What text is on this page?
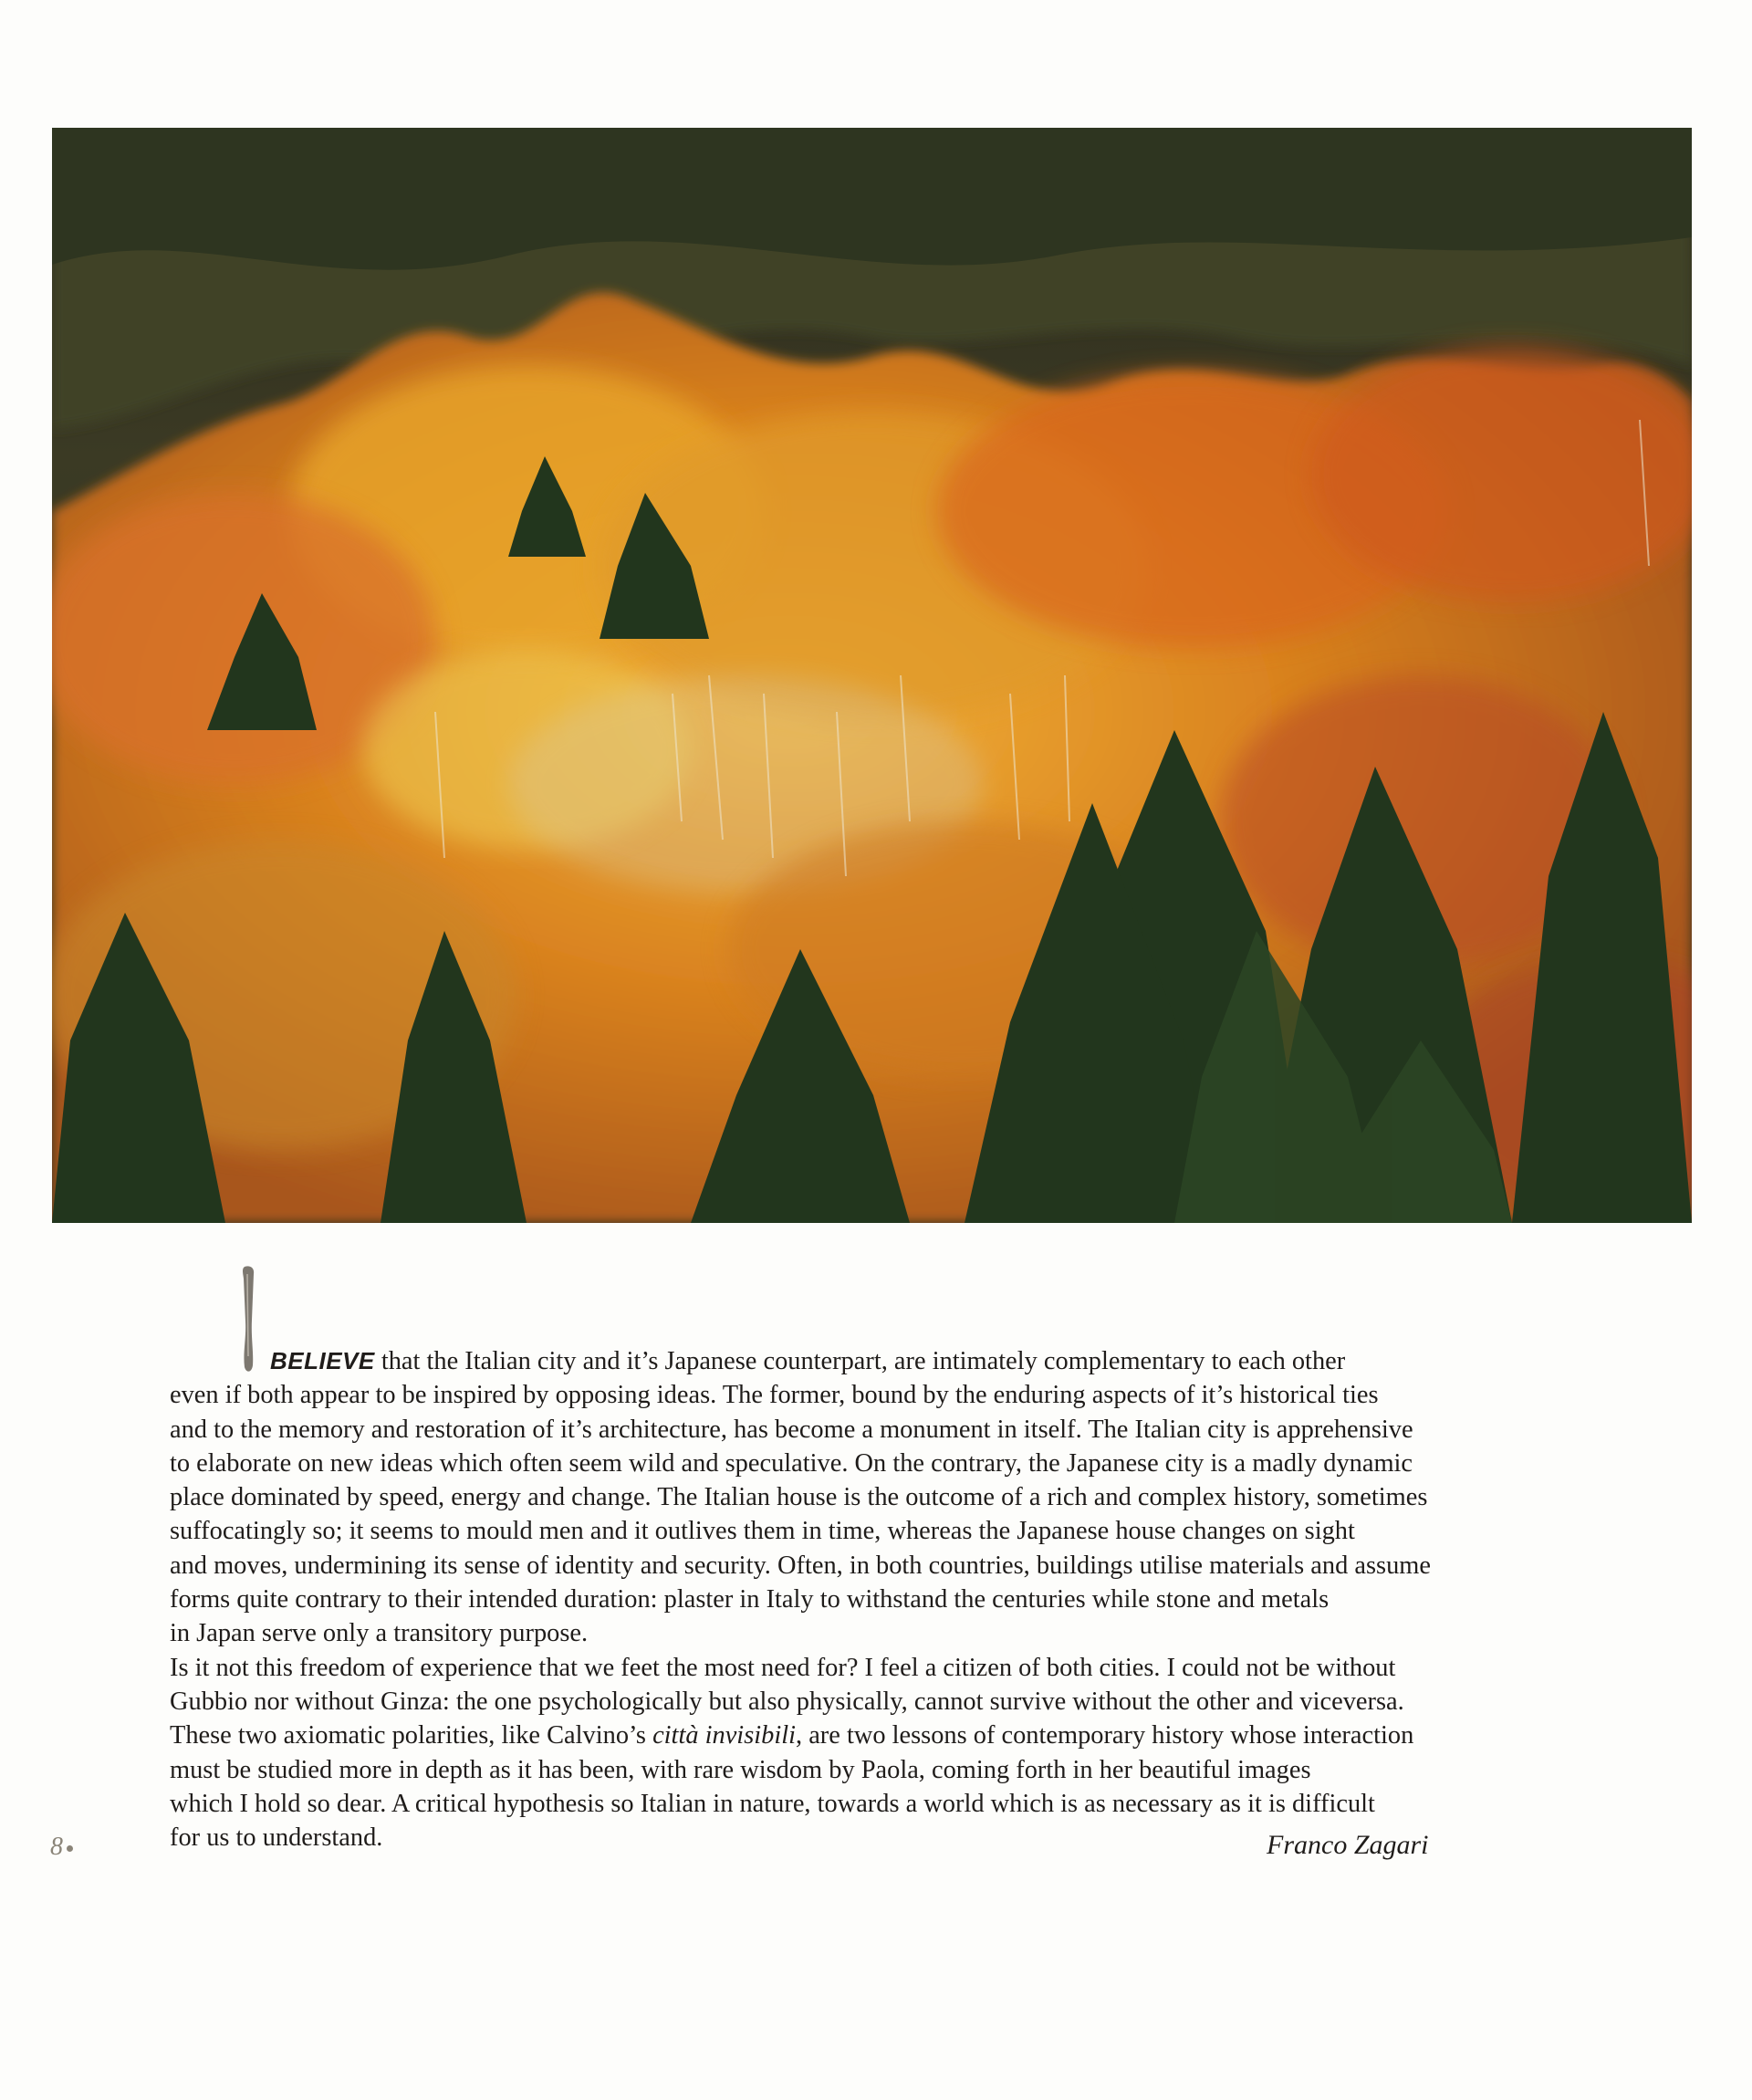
BELIEVE that the Italian city and it’s Japanese counterpart, are intimately complementary to each other
even if both appear to be inspired by opposing ideas. The former, bound by the enduring aspects of it’s historical ties
and to the memory and restoration of it’s architecture, has become a monument in itself. The Italian city is apprehensive
to elaborate on new ideas which often seem wild and speculative. On the contrary, the Japanese city is a madly dynamic
place dominated by speed, energy and change. The Italian house is the outcome of a rich and complex history, sometimes
suffocatingly so; it seems to mould men and it outlives them in time, whereas the Japanese house changes on sight
and moves, undermining its sense of identity and security. Often, in both countries, buildings utilise materials and assume
forms quite contrary to their intended duration: plaster in Italy to withstand the centuries while stone and metals
in Japan serve only a transitory purpose.
Is it not this freedom of experience that we feet the most need for? I feel a citizen of both cities. I could not be without
Gubbio nor without Ginza: the one psychologically but also physically, cannot survive without the other and viceversa.
These two axiomatic polarities, like Calvino’s città invisibili, are two lessons of contemporary history whose interaction
must be studied more in depth as it has been, with rare wisdom by Paola, coming forth in her beautiful images
which I hold so dear. A critical hypothesis so Italian in nature, towards a world which is as necessary as it is difficult
for us to understand.	Franco Zagari
8
